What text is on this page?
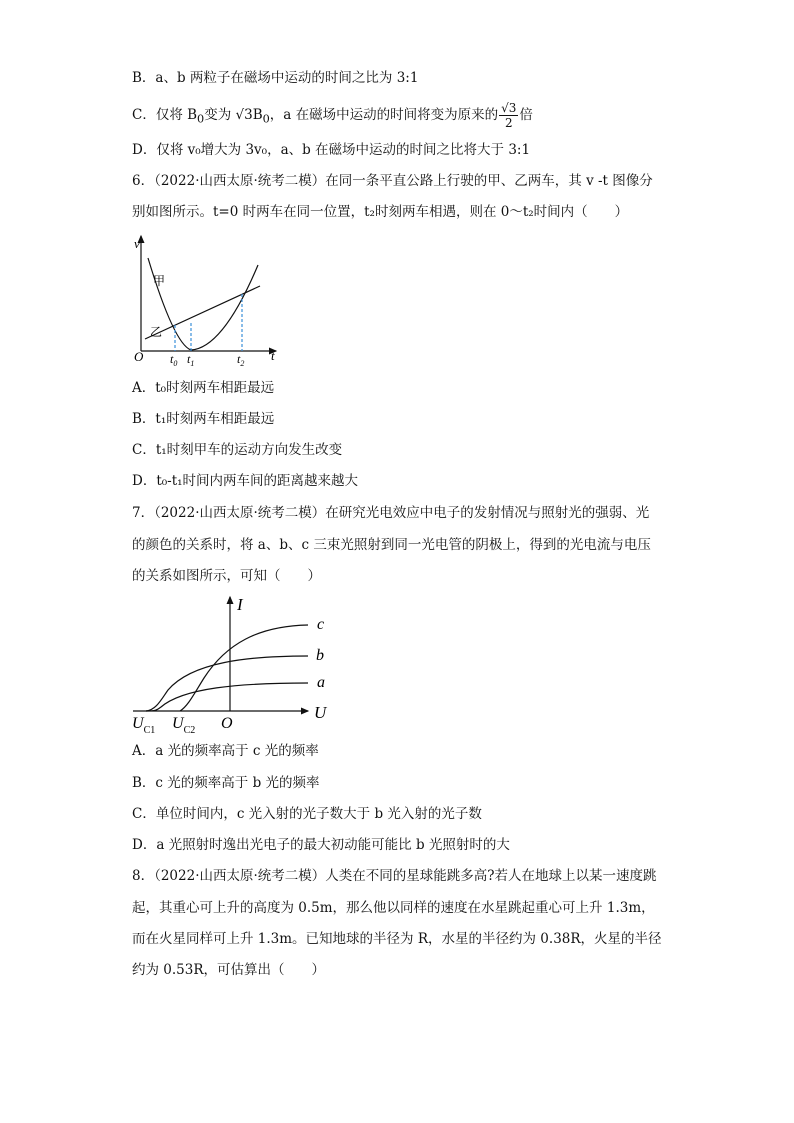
B．a、b 两粒子在磁场中运动的时间之比为 3:1
C．仅将 $B_0$变为 $√3B_0$，a 在磁场中运动的时间将变为原来的 $\frac{√3}{2}$ 倍
D．仅将 v₀增大为 3v₀，a、b 在磁场中运动的时间之比将大于 3:1
6．（2022·山西太原·统考二模）在同一条平直公路上行驶的甲、乙两车，其 v -t 图像分
别如图所示。t=0 时两车在同一位置，t₂时刻两车相遇，则在 0～t₂时间内（　　）
v
t
O
甲
乙
$t_0$ $t_1$	$t_2$
A．t₀时刻两车相距最远
B．t₁时刻两车相距最远
C．t₁时刻甲车的运动方向发生改变
D．t₀-t₁时间内两车间的距离越来越大
7．（2022·山西太原·统考二模）在研究光电效应中电子的发射情况与照射光的强弱、光
的颜色的关系时，将 a、b、c 三束光照射到同一光电管的阴极上，得到的光电流与电压
的关系如图所示，可知（　　）
I
U
O
c
b
a
$U_{C1}$ $U_{C2}$
A．a 光的频率高于 c 光的频率
B．c 光的频率高于 b 光的频率
C．单位时间内，c 光入射的光子数大于 b 光入射的光子数
D．a 光照射时逸出光电子的最大初动能可能比 b 光照射时的大
8．（2022·山西太原·统考二模）人类在不同的星球能跳多高?若人在地球上以某一速度跳
起，其重心可上升的高度为 0.5m，那么他以同样的速度在水星跳起重心可上升 1.3m，
而在火星同样可上升 1.3m。已知地球的半径为 R，水星的半径约为 0.38R，火星的半径
约为 0.53R，可估算出（　　）
